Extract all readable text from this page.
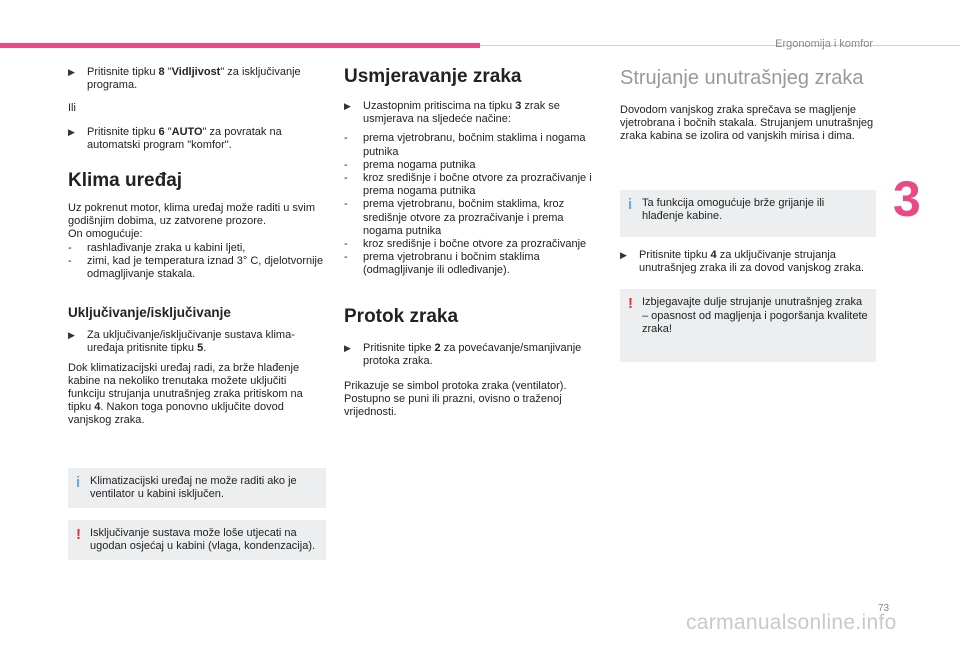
Ergonomija i komfor
3
73
carmanualsonline.info
▶ Pritisnite tipku 8 "Vidljivost" za isključivanje programa.

Ili

▶ Pritisnite tipku 6 "AUTO" za povratak na automatski program "komfor".
Klima uređaj
Uz pokrenut motor, klima uređaj može raditi u svim godišnjim dobima, uz zatvorene prozore.
On omogućuje:
- rashlađivanje zraka u kabini ljeti,
- zimi, kad je temperatura iznad 3° C, djelotvornije odmagljivanje stakala.
Uključivanje/isključivanje
▶ Za uključivanje/isključivanje sustava klima-uređaja pritisnite tipku 5.

Dok klimatizacijski uređaj radi, za brže hlađenje kabine na nekoliko trenutaka možete uključiti funkciju strujanja unutrašnjeg zraka pritiskom na tipku 4. Nakon toga ponovno uključite dovod vanjskog zraka.

i Klimatizacijski uređaj ne može raditi ako je ventilator u kabini isključen.
! Isključivanje sustava može loše utjecati na ugodan osjećaj u kabini (vlaga, kondenzacija).
Usmjeravanje zraka
▶ Uzastopnim pritiscima na tipku 3 zrak se usmjerava na sljedeće načine:
- prema vjetrobranu, bočnim staklima i nogama putnika
- prema nogama putnika
- kroz središnje i bočne otvore za prozračivanje i prema nogama putnika
- prema vjetrobranu, bočnim staklima, kroz središnje otvore za prozračivanje i prema nogama putnika
- kroz središnje i bočne otvore za prozračivanje
- prema vjetrobranu i bočnim staklima (odmagljivanje ili odleđivanje).
Protok zraka
▶ Pritisnite tipke 2 za povećavanje/smanjivanje protoka zraka.

Prikazuje se simbol protoka zraka (ventilator). Postupno se puni ili prazni, ovisno o traženoj vrijednosti.

Strujanje unutrašnjeg zraka

Dovodom vanjskog zraka sprečava se magljenje vjetrobrana i bočnih stakala. Strujanjem unutrašnjeg zraka kabina se izolira od vanjskih mirisa i dima.

i Ta funkcija omogućuje brže grijanje ili hlađenje kabine.
▶ Pritisnite tipku 4 za uključivanje strujanja unutrašnjeg zraka ili za dovod vanjskog zraka.
! Izbjegavajte dulje strujanje unutrašnjeg zraka – opasnost od magljenja i pogoršanja kvalitete zraka!
